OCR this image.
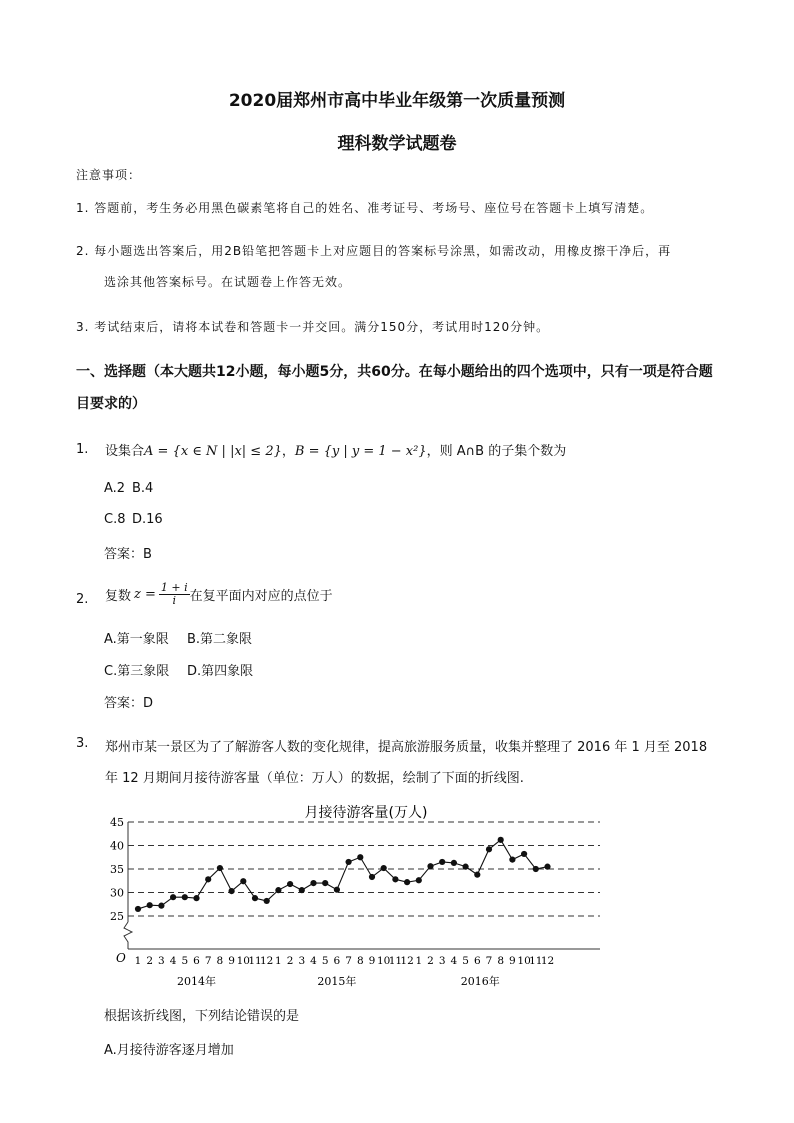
2020届郑州市高中毕业年级第一次质量预测
理科数学试题卷
注意事项：
1. 答题前，考生务必用黑色碳素笔将自己的姓名、准考证号、考场号、座位号在答题卡上填写清楚。
2. 每小题选出答案后，用2B铅笔把答题卡上对应题目的答案标号涂黑，如需改动，用橡皮擦干净后，再
选涂其他答案标号。在试题卷上作答无效。
3. 考试结束后，请将本试卷和答题卡一并交回。满分150分，考试用时120分钟。
一、选择题（本大题共12小题，每小题5分，共60分。在每小题给出的四个选项中，只有一项是符合题
目要求的）
1. 设集合A = {x ∈ N | |x| ≤ 2}，B = {y | y = 1 − x²}，则 A∩B 的子集个数为
A.2 B.4
C.8 D.16
答案：B
2. 复数 $z = \frac{1 + i}{i}$ 在复平面内对应的点位于
A.第一象限 B.第二象限
C.第三象限 D.第四象限
答案：D
3. 郑州市某一景区为了了解游客人数的变化规律，提高旅游服务质量，收集并整理了 2016 年 1 月至 2018
年 12 月期间月接待游客量（单位：万人）的数据，绘制了下面的折线图.
月接待游客量(万人)
25
30
35
40
45
O 1 2 3 4 5 6 7 8 9 10
11
12 1 2 3 4 5 6 7 8 9 10
11
12 1 2 3 4 5 6 7 8 9 10
11
12
2014年	2015年	2016年
根据该折线图，下列结论错误的是
A.月接待游客逐月增加
